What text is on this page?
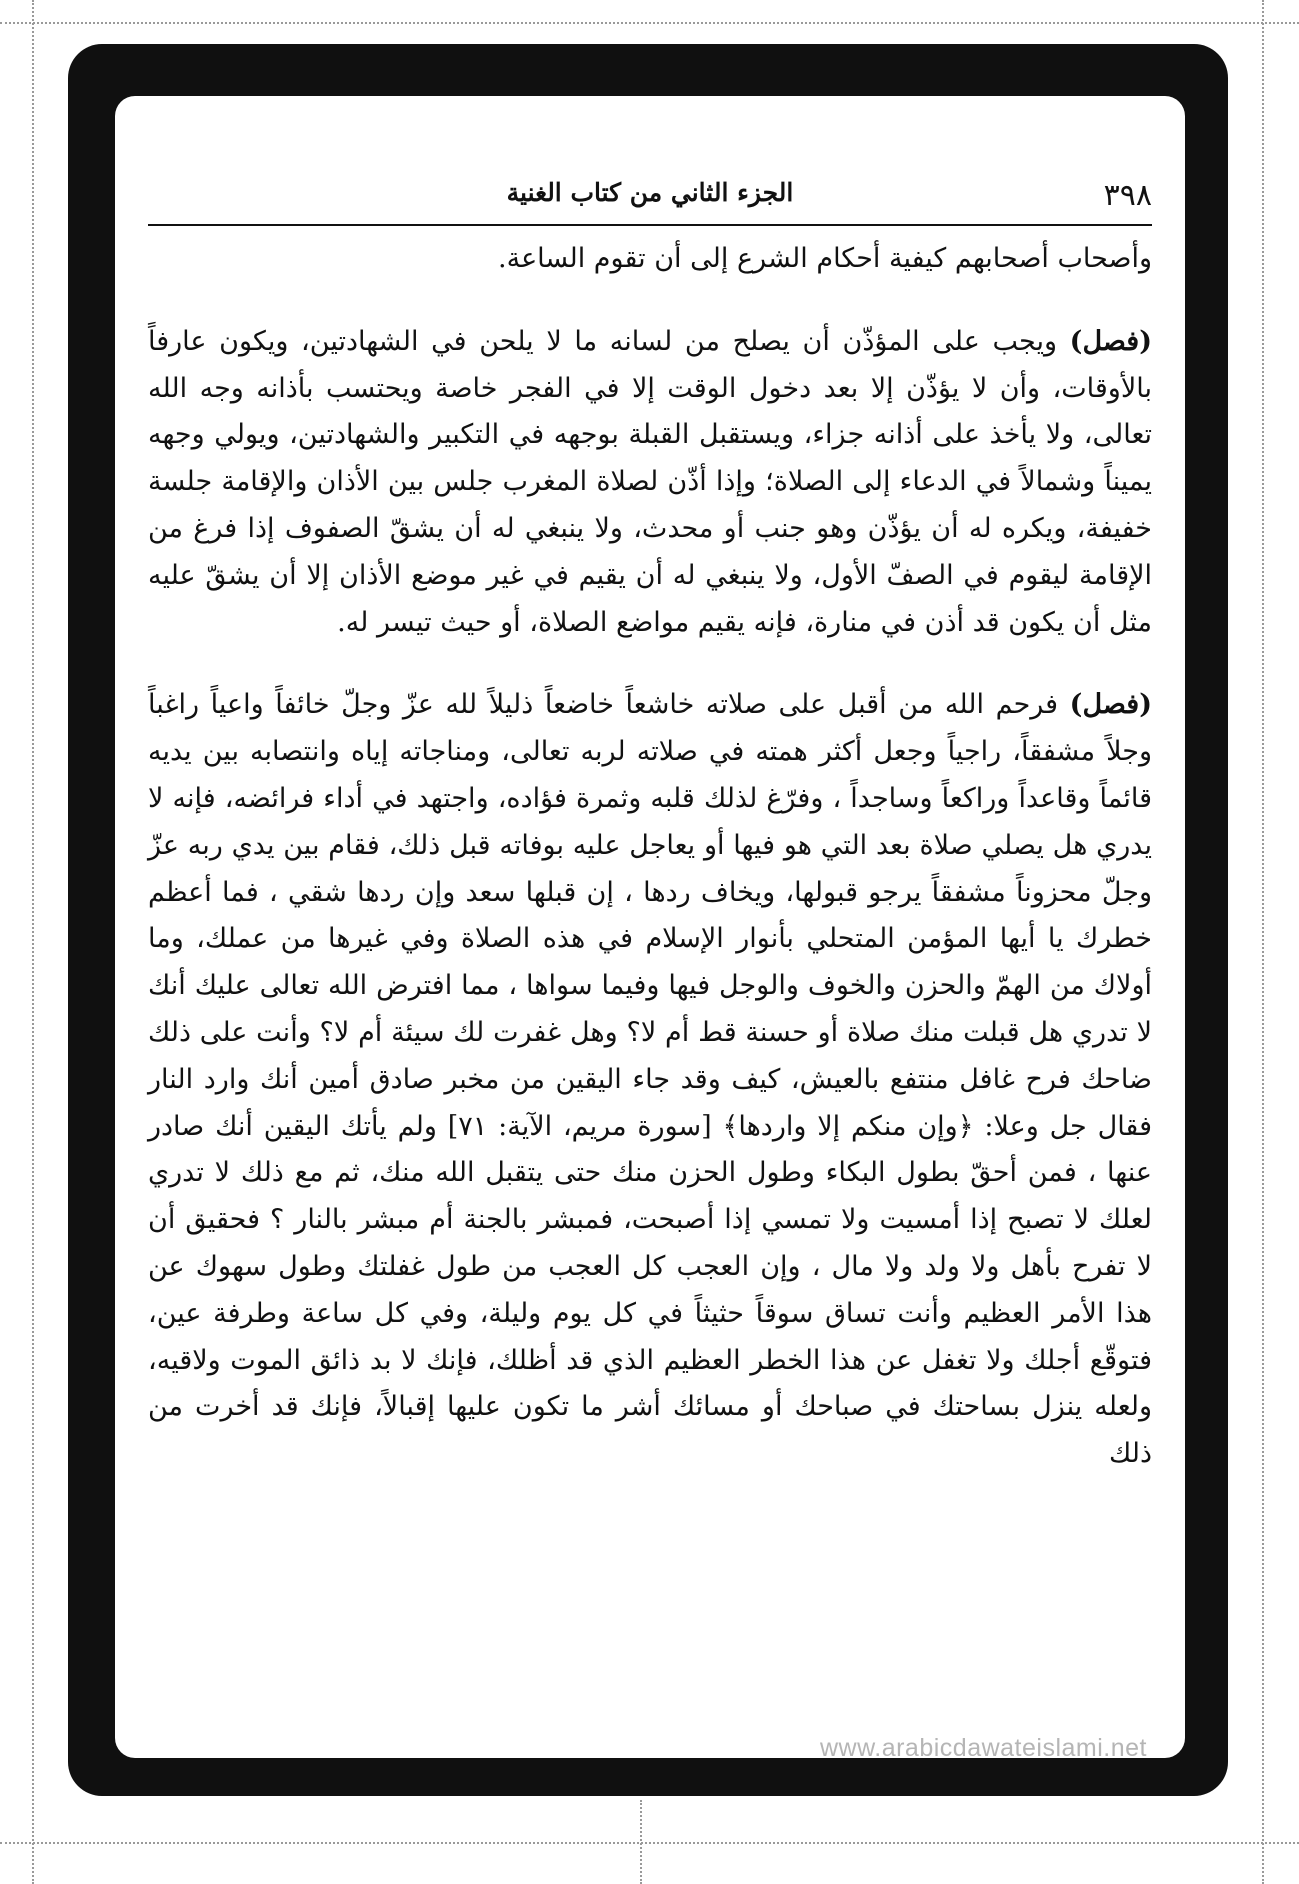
٣٩٨
الجزء الثاني من كتاب الغنية

وأصحاب أصحابهم كيفية أحكام الشرع إلى أن تقوم الساعة.

(فصل) ويجب على المؤذّن أن يصلح من لسانه ما لا يلحن في الشهادتين، ويكون عارفاً بالأوقات، وأن لا يؤذّن إلا بعد دخول الوقت إلا في الفجر خاصة ويحتسب بأذانه وجه الله تعالى، ولا يأخذ على أذانه جزاء، ويستقبل القبلة بوجهه في التكبير والشهادتين، ويولي وجهه يميناً وشمالاً في الدعاء إلى الصلاة؛ وإذا أذّن لصلاة المغرب جلس بين الأذان والإقامة جلسة خفيفة، ويكره له أن يؤذّن وهو جنب أو محدث، ولا ينبغي له أن يشقّ الصفوف إذا فرغ من الإقامة ليقوم في الصفّ الأول، ولا ينبغي له أن يقيم في غير موضع الأذان إلا أن يشقّ عليه مثل أن يكون قد أذن في منارة، فإنه يقيم مواضع الصلاة، أو حيث تيسر له.

(فصل) فرحم الله من أقبل على صلاته خاشعاً خاضعاً ذليلاً لله عزّ وجلّ خائفاً واعياً راغباً وجلاً مشفقاً، راجياً وجعل أكثر همته في صلاته لربه تعالى، ومناجاته إياه وانتصابه بين يديه قائماً وقاعداً وراكعاً وساجداً ، وفرّغ لذلك قلبه وثمرة فؤاده، واجتهد في أداء فرائضه، فإنه لا يدري هل يصلي صلاة بعد التي هو فيها أو يعاجل عليه بوفاته قبل ذلك، فقام بين يدي ربه عزّ وجلّ محزوناً مشفقاً يرجو قبولها، ويخاف ردها ، إن قبلها سعد وإن ردها شقي ، فما أعظم خطرك يا أيها المؤمن المتحلي بأنوار الإسلام في هذه الصلاة وفي غيرها من عملك، وما أولاك من الهمّ والحزن والخوف والوجل فيها وفيما سواها ، مما افترض الله تعالى عليك أنك لا تدري هل قبلت منك صلاة أو حسنة قط أم لا؟ وهل غفرت لك سيئة أم لا؟ وأنت على ذلك ضاحك فرح غافل منتفع بالعيش، كيف وقد جاء اليقين من مخبر صادق أمين أنك وارد النار فقال جل وعلا: ﴿وإن منكم إلا واردها﴾ [سورة مريم، الآية: ٧١] ولم يأتك اليقين أنك صادر عنها ، فمن أحقّ بطول البكاء وطول الحزن منك حتى يتقبل الله منك، ثم مع ذلك لا تدري لعلك لا تصبح إذا أمسيت ولا تمسي إذا أصبحت، فمبشر بالجنة أم مبشر بالنار ؟ فحقيق أن لا تفرح بأهل ولا ولد ولا مال ، وإن العجب كل العجب من طول غفلتك وطول سهوك عن هذا الأمر العظيم وأنت تساق سوقاً حثيثاً في كل يوم وليلة، وفي كل ساعة وطرفة عين، فتوقّع أجلك ولا تغفل عن هذا الخطر العظيم الذي قد أظلك، فإنك لا بد ذائق الموت ولاقيه، ولعله ينزل بساحتك في صباحك أو مسائك أشر ما تكون عليها إقبالاً، فإنك قد أخرت من ذلك

www.arabicdawateislami.net
